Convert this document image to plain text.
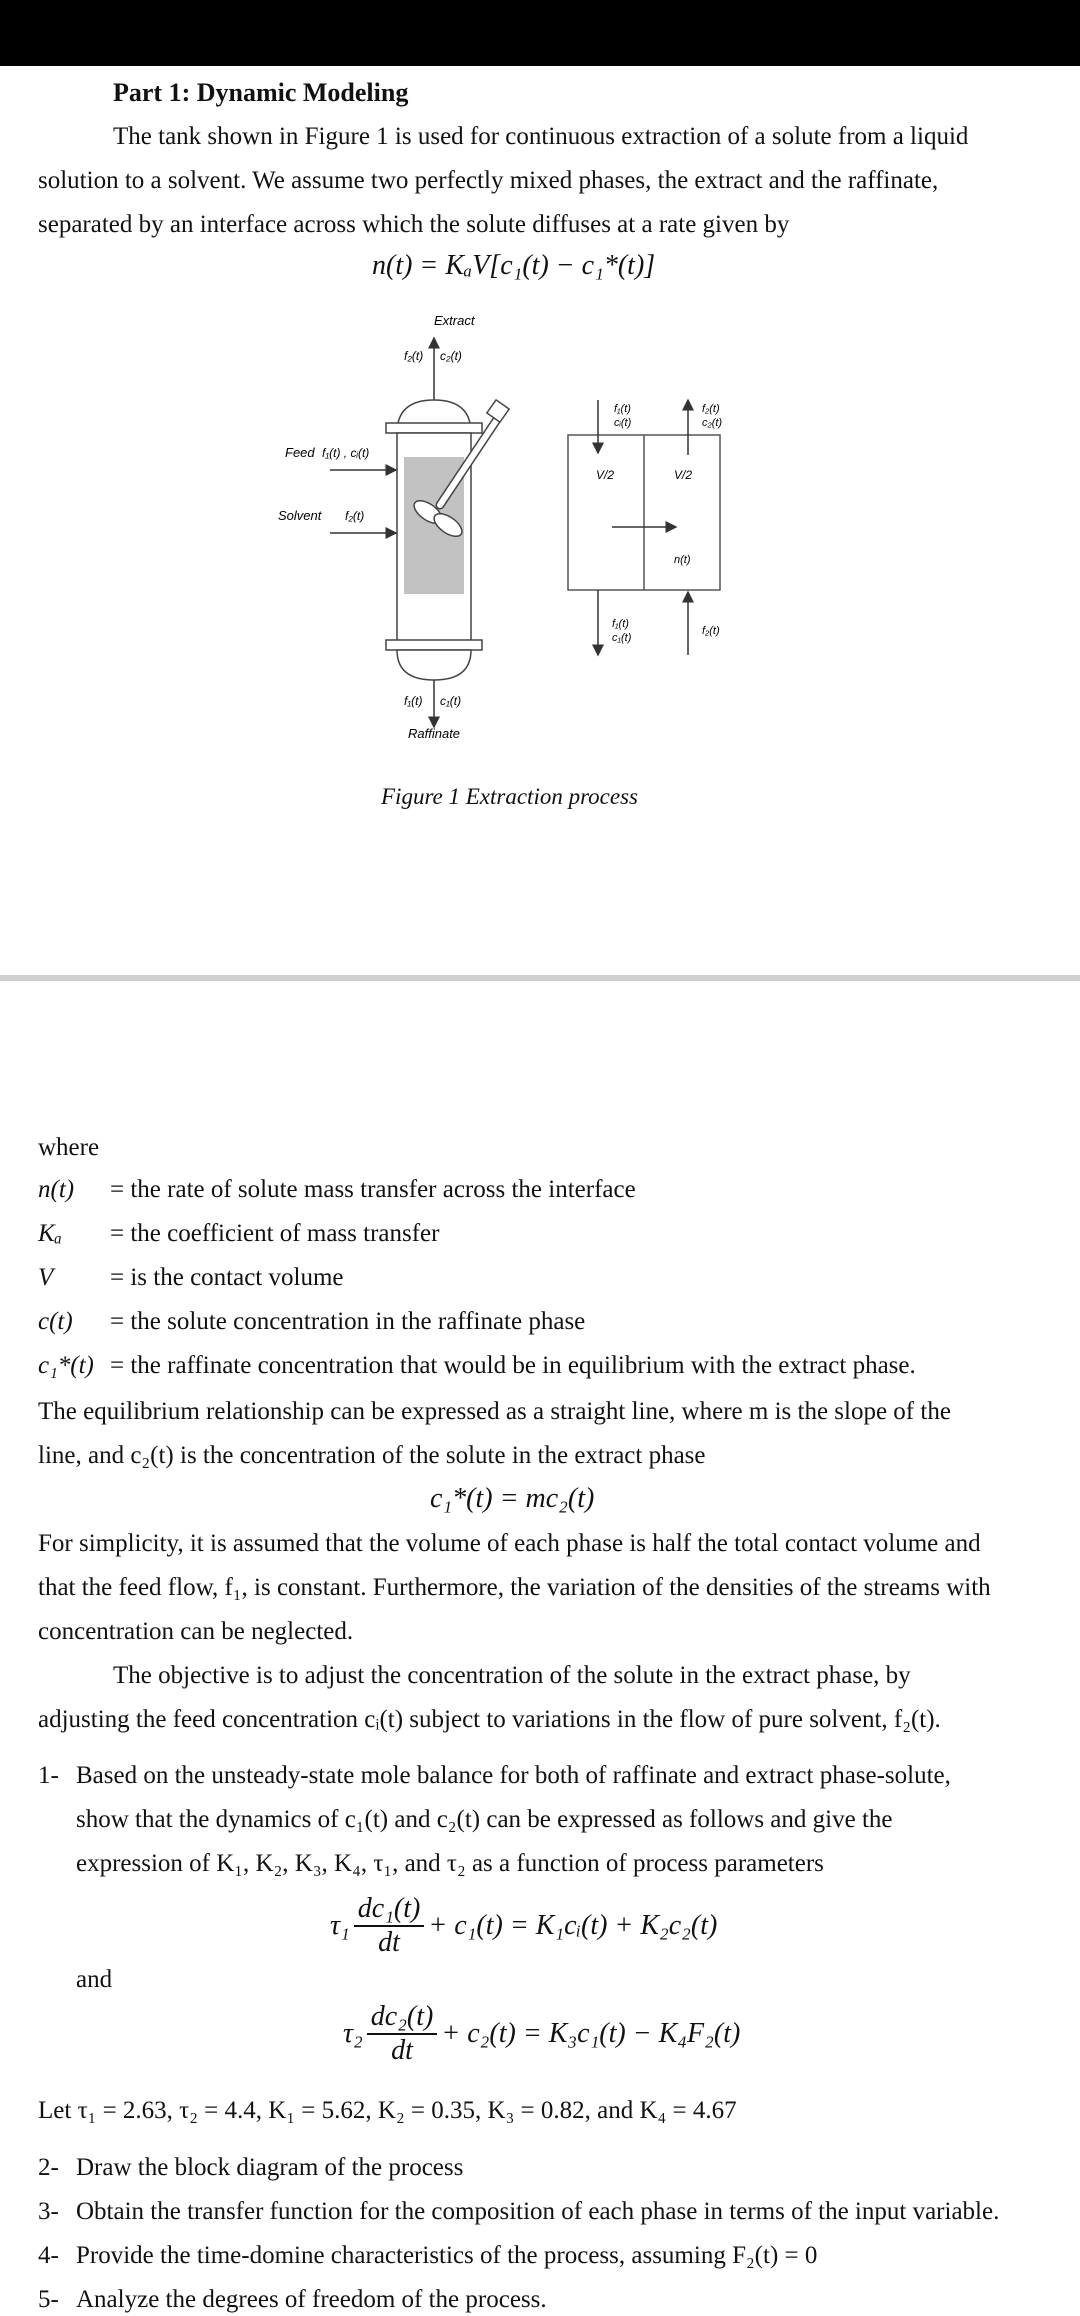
Part 1: Dynamic Modeling
The tank shown in Figure 1 is used for continuous extraction of a solute from a liquid
solution to a solvent. We assume two perfectly mixed phases, the extract and the raffinate,
separated by an interface across which the solute diffuses at a rate given by
n(t) = KₐV[c₁(t) − c₁*(t)]
Extract
f₂(t) c₂(t)
Feed f₁(t) , cᵢ(t)
Solvent f₂(t)
f₁(t) c₁(t)
Raffinate
f₁(t)
cᵢ(t)
f₂(t)
c₂(t)
V/2	V/2
n(t)
f₁(t)
c₁(t)
f₂(t)
Figure 1 Extraction process
where
n(t) = the rate of solute mass transfer across the interface
Kₐ = the coefficient of mass transfer
V = is the contact volume
c(t) = the solute concentration in the raffinate phase
c₁*(t) = the raffinate concentration that would be in equilibrium with the extract phase.
The equilibrium relationship can be expressed as a straight line, where m is the slope of the
line, and c₂(t) is the concentration of the solute in the extract phase
c₁*(t) = mc₂(t)
For simplicity, it is assumed that the volume of each phase is half the total contact volume and
that the feed flow, f₁, is constant. Furthermore, the variation of the densities of the streams with
concentration can be neglected.
The objective is to adjust the concentration of the solute in the extract phase, by
adjusting the feed concentration cᵢ(t) subject to variations in the flow of pure solvent, f₂(t).
1- Based on the unsteady-state mole balance for both of raffinate and extract phase-solute,
show that the dynamics of c₁(t) and c₂(t) can be expressed as follows and give the
expression of K₁, K₂, K₃, K₄, τ₁, and τ₂ as a function of process parameters
$\tau_1 \frac{\text{dc₁(t)}}{dt} + c_1(t)$ = K₁cᵢ(t) + K₂c₂(t)
and
$\tau_2 \frac{\text{dc₂(t)}}{dt} + c_2(t) = K_3c_1(t) - K_4F_2(t)$
Let τ₁ = 2.63, τ₂ = 4.4, K₁ = 5.62, K₂ = 0.35, K₃ = 0.82, and K₄ = 4.67
2- Draw the block diagram of the process
3- Obtain the transfer function for the composition of each phase in terms of the input variable.
4- Provide the time-domine characteristics of the process, assuming F₂(t) = 0
5- Analyze the degrees of freedom of the process.
